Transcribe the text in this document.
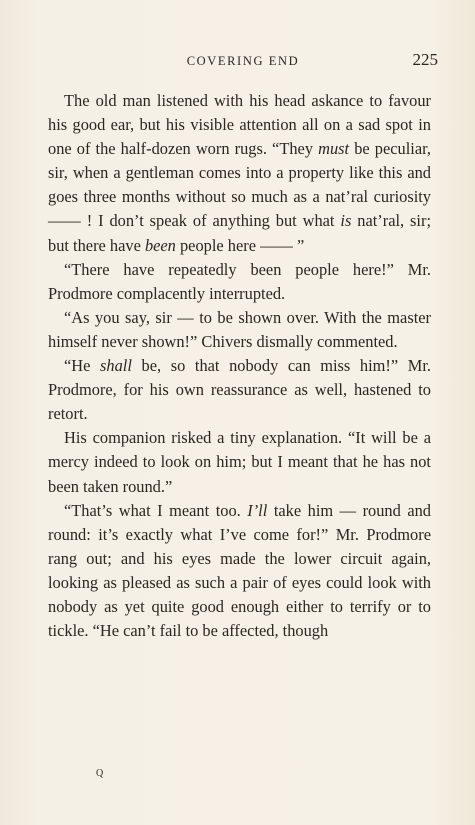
COVERING END	225

The old man listened with his head askance to favour his good ear, but his visible attention all on a sad spot in one of the half-dozen worn rugs. “They must be peculiar, sir, when a gentleman comes into a property like this and goes three months without so much as a nat’ral curiosity —— ! I don’t speak of anything but what is nat’ral, sir; but there have been people here —— ”

“There have repeatedly been people here!” Mr. Prodmore complacently interrupted.

“As you say, sir — to be shown over. With the master himself never shown!” Chivers dismally commented.

“He shall be, so that nobody can miss him!” Mr. Prodmore, for his own reassurance as well, hastened to retort.

His companion risked a tiny explanation. “It will be a mercy indeed to look on him; but I meant that he has not been taken round.”

“That’s what I meant too. I’ll take him — round and round: it’s exactly what I’ve come for!” Mr. Prodmore rang out; and his eyes made the lower circuit again, looking as pleased as such a pair of eyes could look with nobody as yet quite good enough either to terrify or to tickle. “He can’t fail to be affected, though

Q
